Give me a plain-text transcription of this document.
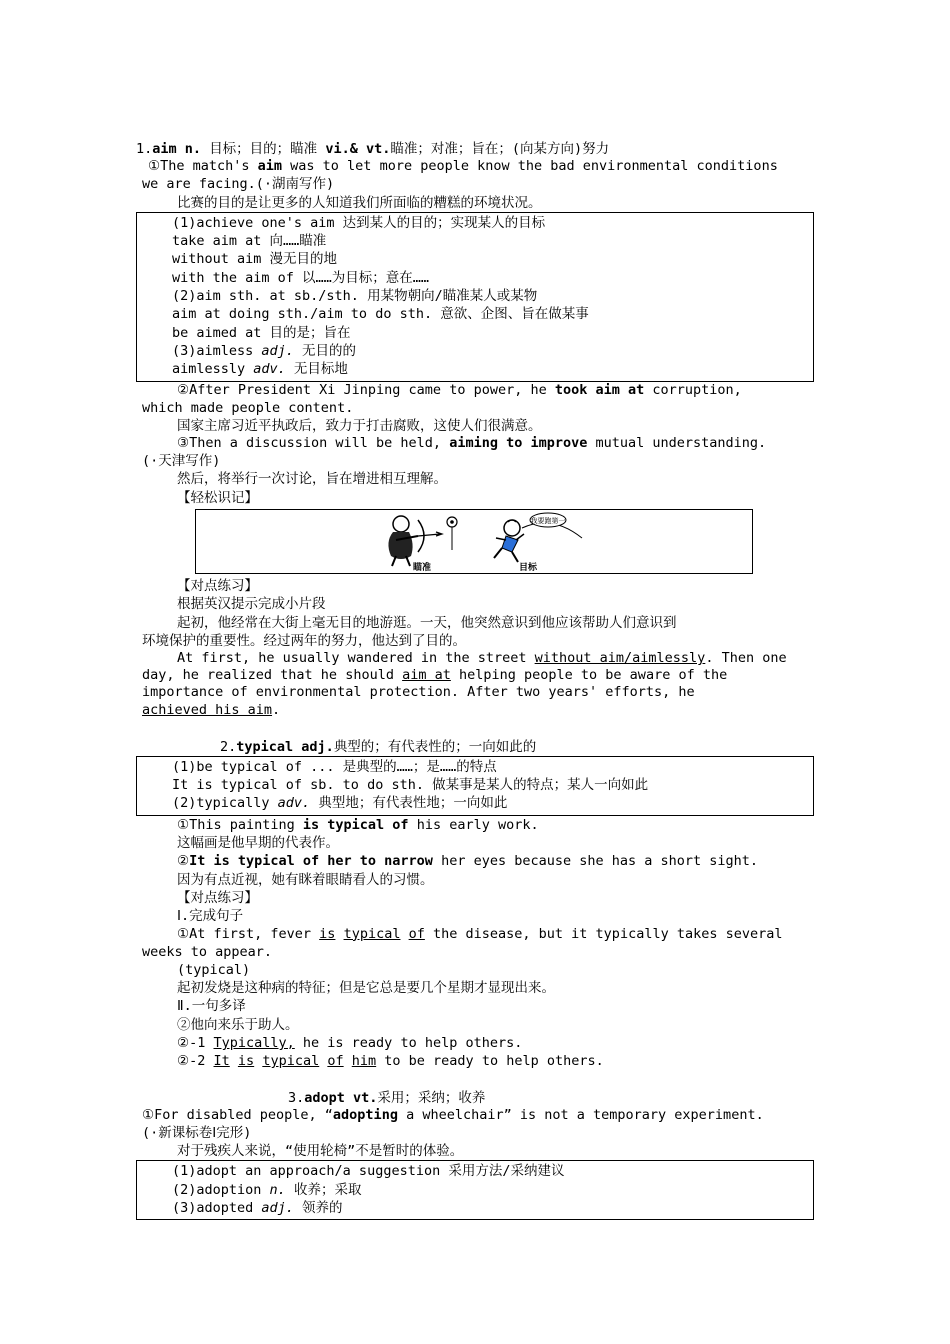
1.aim n. 目标；目的；瞄准 vi.& vt.瞄准；对准；旨在；(向某方向)努力
①The match's aim was to let more people know the bad environmental conditions
we are facing.(·湖南写作)
比赛的目的是让更多的人知道我们所面临的糟糕的环境状况。
(1)achieve one's aim 达到某人的目的；实现某人的目标
take aim at 向……瞄准
without aim 漫无目的地
with the aim of 以……为目标；意在……
(2)aim sth. at sb./sth. 用某物朝向/瞄准某人或某物
aim at doing sth./aim to do sth. 意欲、企图、旨在做某事
be aimed at 目的是；旨在
(3)aimless adj. 无目的的
aimlessly adv. 无目标地
②After President Xi Jinping came to power, he took aim at corruption,
which made people content.
国家主席习近平执政后，致力于打击腐败，这使人们很满意。
③Then a discussion will be held, aiming to improve mutual understanding.
(·天津写作)
然后，将举行一次讨论，旨在增进相互理解。
【轻松识记】
我要跑第一
瞄准	目标
【对点练习】
根据英汉提示完成小片段
起初，他经常在大街上毫无目的地游逛。一天，他突然意识到他应该帮助人们意识到
环境保护的重要性。经过两年的努力，他达到了目的。
At first, he usually wandered in the street without aim/aimlessly. Then one
day, he realized that he should aim at helping people to be aware of the
importance of environmental protection. After two years' efforts, he
achieved his aim.
2.typical adj.典型的；有代表性的；一向如此的
(1)be typical of ... 是典型的……；是……的特点
It is typical of sb. to do sth. 做某事是某人的特点；某人一向如此
(2)typically adv. 典型地；有代表性地；一向如此
①This painting is typical of his early work.
这幅画是他早期的代表作。
②It is typical of her to narrow her eyes because she has a short sight.
因为有点近视，她有眯着眼睛看人的习惯。
【对点练习】
Ⅰ.完成句子
①At first, fever is typical of the disease, but it typically takes several
weeks to appear.
(typical)
起初发烧是这种病的特征；但是它总是要几个星期才显现出来。
Ⅱ.一句多译
②他向来乐于助人。
②-1 Typically, he is ready to help others.
②-2 It is typical of him to be ready to help others.
3.adopt vt.采用；采纳；收养
①For disabled people, “adopting a wheelchair” is not a temporary experiment.
(·新课标卷Ⅰ完形)
对于残疾人来说，“使用轮椅”不是暂时的体验。
(1)adopt an approach/a suggestion 采用方法/采纳建议
(2)adoption n. 收养；采取
(3)adopted adj. 领养的
